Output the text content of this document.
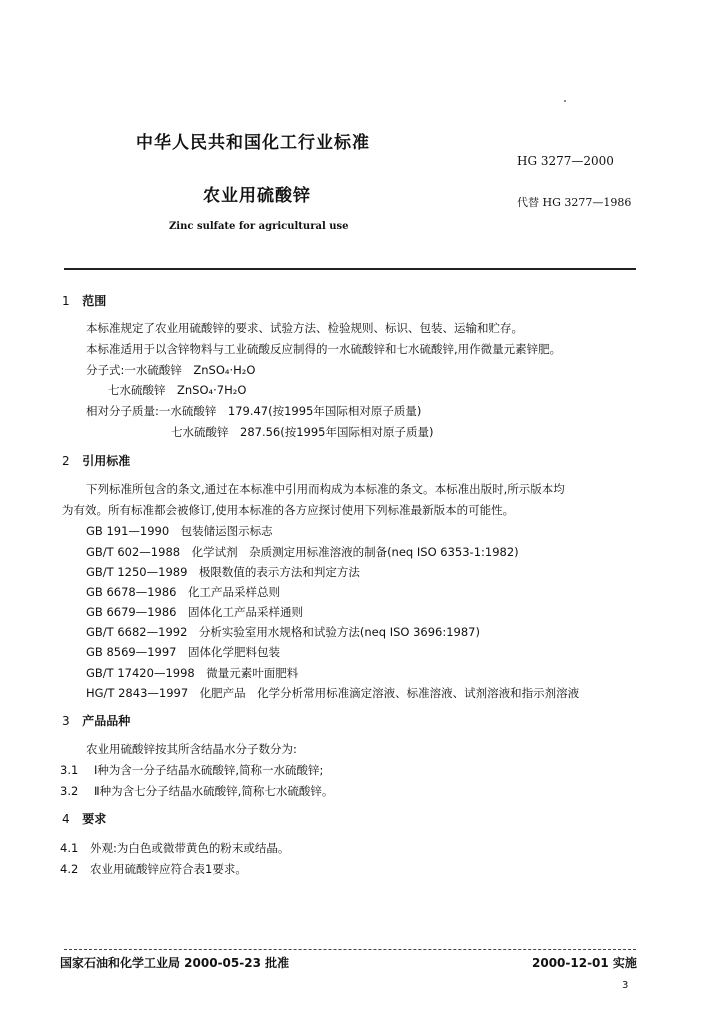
中华人民共和国化工行业标准
HG 3277—2000
农业用硫酸锌	代替 HG 3277—1986
Zinc sulfate for agricultural use
1 范围
本标准规定了农业用硫酸锌的要求、试验方法、检验规则、标识、包装、运输和贮存。
本标准适用于以含锌物料与工业硫酸反应制得的一水硫酸锌和七水硫酸锌,用作微量元素锌肥。
分子式:一水硫酸锌　ZnSO₄·H₂O
七水硫酸锌　ZnSO₄·7H₂O
相对分子质量:一水硫酸锌　179.47(按1995年国际相对原子质量)
七水硫酸锌　287.56(按1995年国际相对原子质量)
2 引用标准
下列标准所包含的条文,通过在本标准中引用而构成为本标准的条文。本标准出版时,所示版本均
为有效。所有标准都会被修订,使用本标准的各方应探讨使用下列标准最新版本的可能性。
GB 191—1990　包装储运图示标志
GB/T 602—1988　化学试剂　杂质测定用标准溶液的制备(neq ISO 6353-1:1982)
GB/T 1250—1989　极限数值的表示方法和判定方法
GB 6678—1986　化工产品采样总则
GB 6679—1986　固体化工产品采样通则
GB/T 6682—1992　分析实验室用水规格和试验方法(neq ISO 3696:1987)
GB 8569—1997　固体化学肥料包装
GB/T 17420—1998　微量元素叶面肥料
HG/T 2843—1997　化肥产品　化学分析常用标准滴定溶液、标准溶液、试剂溶液和指示剂溶液
3 产品品种
农业用硫酸锌按其所含结晶水分子数分为:
3.1 Ⅰ种为含一分子结晶水硫酸锌,简称一水硫酸锌;
3.2 Ⅱ种为含七分子结晶水硫酸锌,简称七水硫酸锌。
4 要求
4.1 外观:为白色或微带黄色的粉末或结晶。
4.2 农业用硫酸锌应符合表1要求。
国家石油和化学工业局 2000-05-23 批准	2000-12-01 实施
3
